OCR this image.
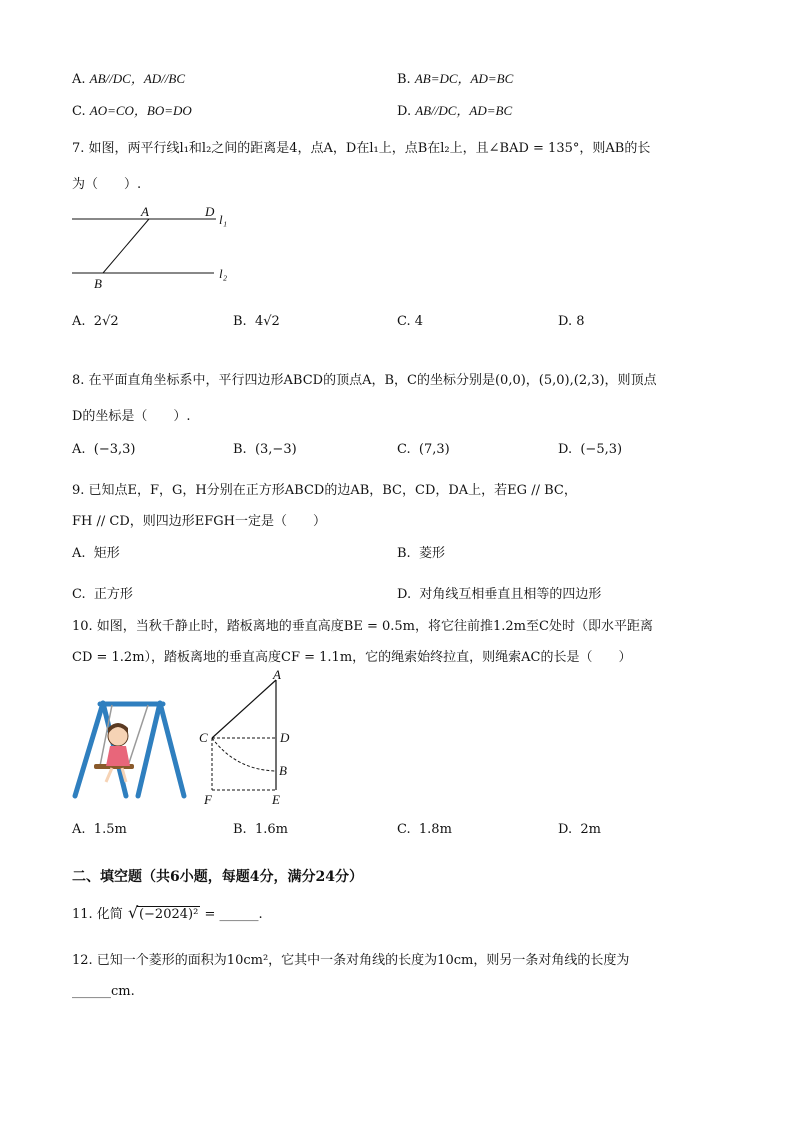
A. AB//DC，AD//BC	B. AB=DC，AD=BC
C. AO=CO，BO=DO	D. AB//DC，AD=BC
7. 如图，两平行线l₁和l₂之间的距离是4，点A，D在l₁上，点B在l₂上，且∠BAD = 135°，则AB的长
为（　　）.
A	D
l₁
l₂
B
A. 2√2	B. 4√2	C. 4	D. 8
8. 在平面直角坐标系中，平行四边形ABCD的顶点A，B，C的坐标分别是(0,0)，(5,0),(2,3)，则顶点
D的坐标是（　　）.
A. (−3,3)	B. (3,−3)	C. (7,3)	D. (−5,3)
9. 已知点E，F，G，H分别在正方形ABCD的边AB，BC，CD，DA上，若EG // BC，
FH // CD，则四边形EFGH一定是（　　）
A. 矩形	B. 菱形
C. 正方形	D. 对角线互相垂直且相等的四边形
10. 如图，当秋千静止时，踏板离地的垂直高度BE = 0.5m，将它往前推1.2m至C处时（即水平距离
CD = 1.2m），踏板离地的垂直高度CF = 1.1m，它的绳索始终拉直，则绳索AC的长是（　　）
A
C	D
B
F	E
A. 1.5m	B. 1.6m	C. 1.8m	D. 2m
二、填空题（共6小题，每题4分，满分24分）
11. 化简 √ (−2024)² = ______.
12. 已知一个菱形的面积为10cm²，它其中一条对角线的长度为10cm，则另一条对角线的长度为
______cm.
